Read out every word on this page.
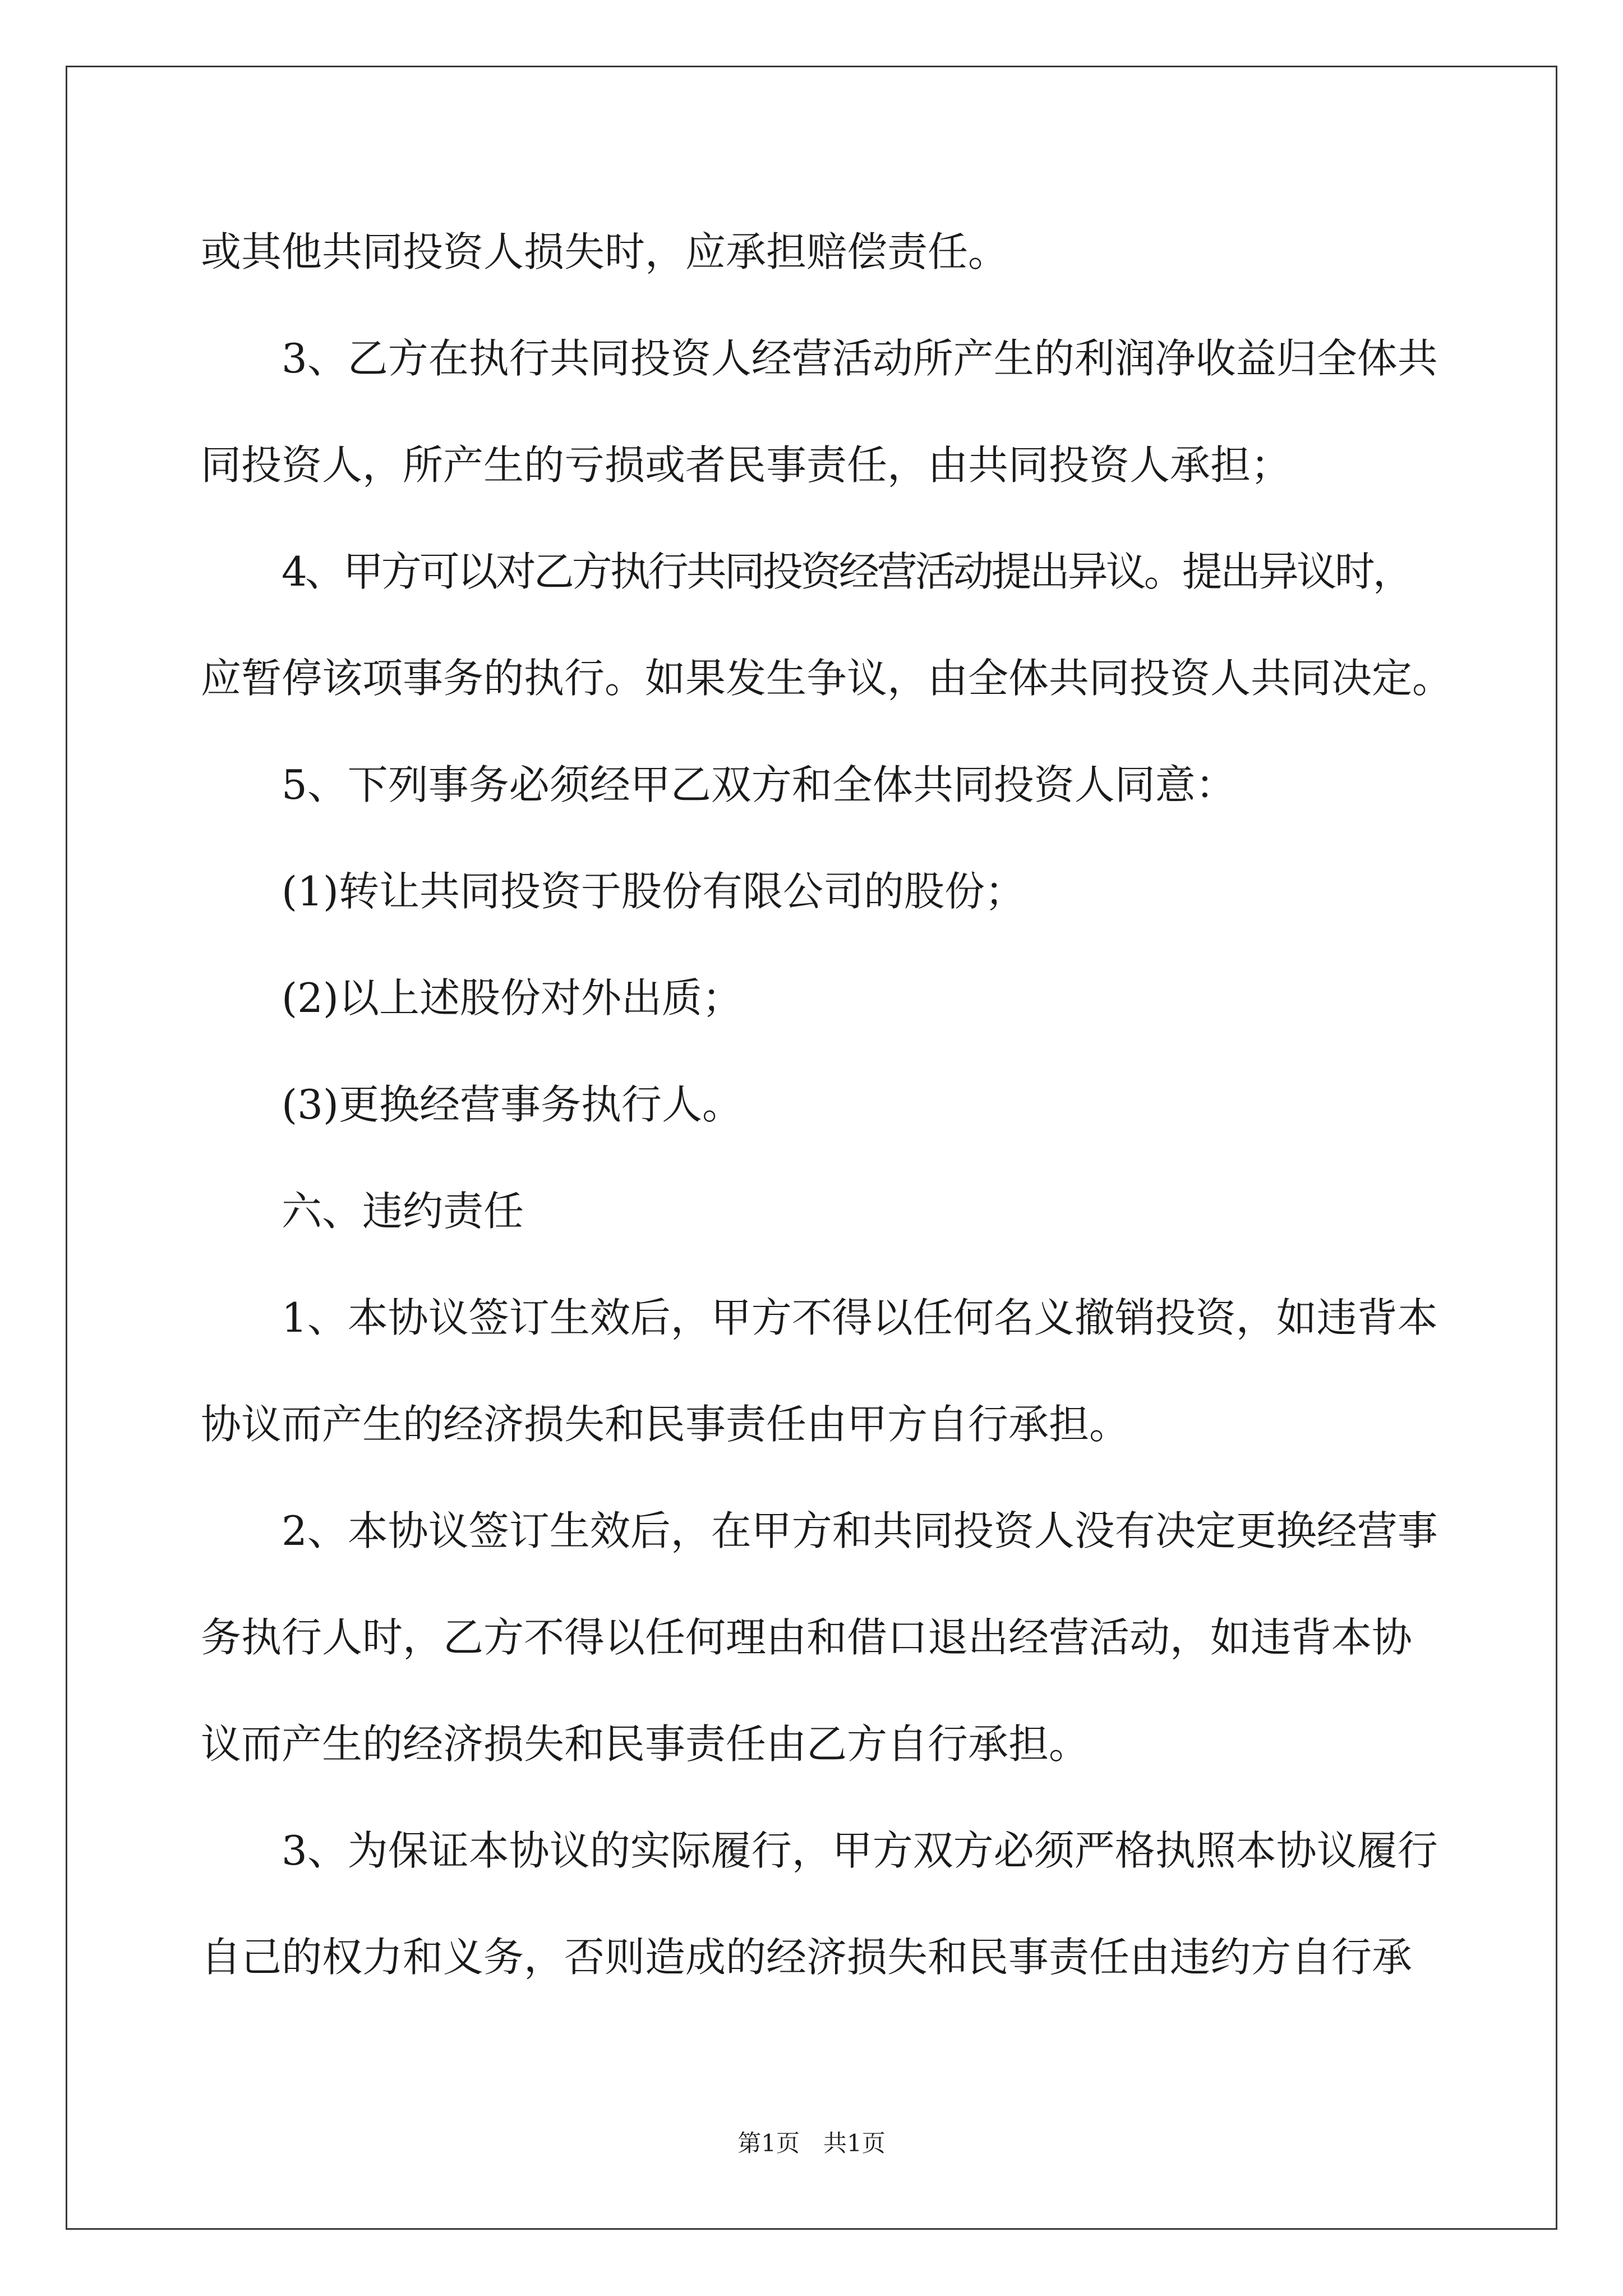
或其他共同投资人损失时，应承担赔偿责任。

3、乙方在执行共同投资人经营活动所产生的利润净收益归全体共
同投资人，所产生的亏损或者民事责任，由共同投资人承担；

4、甲方可以对乙方执行共同投资经营活动提出异议。提出异议时，
应暂停该项事务的执行。如果发生争议，由全体共同投资人共同决定。

5、下列事务必须经甲乙双方和全体共同投资人同意：

(1)转让共同投资于股份有限公司的股份；

(2)以上述股份对外出质；

(3)更换经营事务执行人。

六、违约责任

1、本协议签订生效后，甲方不得以任何名义撤销投资，如违背本
协议而产生的经济损失和民事责任由甲方自行承担。

2、本协议签订生效后，在甲方和共同投资人没有决定更换经营事
务执行人时，乙方不得以任何理由和借口退出经营活动，如违背本协
议而产生的经济损失和民事责任由乙方自行承担。

3、为保证本协议的实际履行，甲方双方必须严格执照本协议履行
自己的权力和义务，否则造成的经济损失和民事责任由违约方自行承

第1页　共1页
